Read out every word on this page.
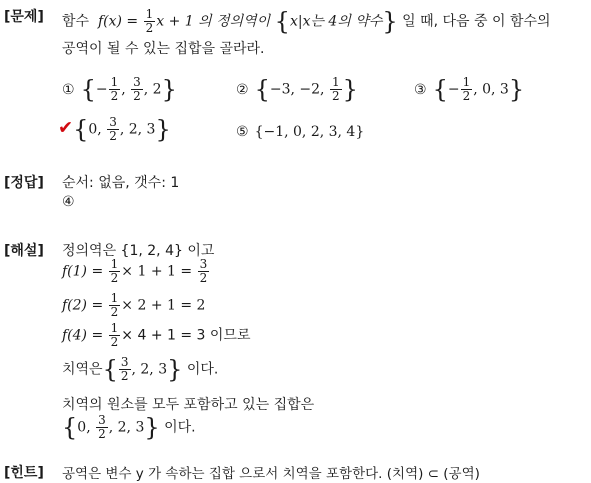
[문제] 함수 $f(x) = \frac{1}{2}$ x + 1 의 정의역이 {x|x는 4의 약수} 일 때, 다음 중 이 함수의
공역이 될 수 있는 집합을 골라라.
① {− $\frac{1}{2}$ , $\frac{3}{2}$ , 2}	② {−3, −2, $\frac{1}{2}$ }	③ {− $\frac{1}{2}$ , 0, 3}
✔{0, $\frac{3}{2}$ , 2, 3}	⑤ {−1, 0, 2, 3, 4}
[정답] 순서: 없음, 갯수: 1
④
[해설] 정의역은 {1, 2, 4} 이고
$f(1) = \frac{1}{2} \times 1 + 1 = \frac{3}{2}$
$f(2) = \frac{1}{2} \times 2 + 1 = 2$
$f(4) = \frac{1}{2} \times 4 + 1 = 3$ 이므로
치역은{ $\frac{3}{2}$ , 2, 3} 이다.
치역의 원소를 모두 포함하고 있는 집합은
{0, $\frac{3}{2}$ , 2, 3} 이다.
[힌트] 공역은 변수 y 가 속하는 집합 으로서 치역을 포함한다. (치역) ⊂ (공역)
